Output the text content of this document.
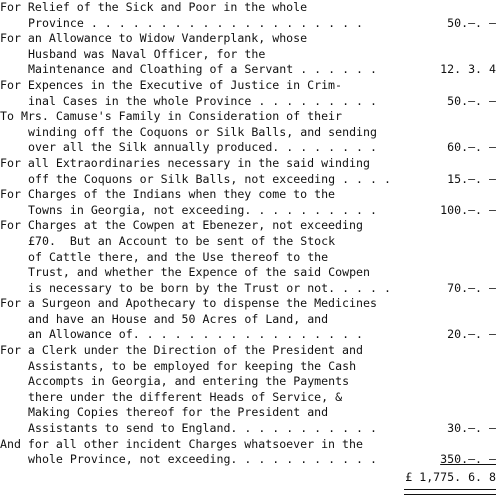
For Relief of the Sick and Poor in the whole
Province . . . . . . . . . . . . . . . . . . . .	50.–. –
For an Allowance to Widow Vanderplank, whose
Husband was Naval Officer, for the
Maintenance and Cloathing of a Servant . . . . . .	12. 3. 4
For Expences in the Executive of Justice in Crim-
inal Cases in the whole Province . . . . . . . . .	50.–. –
To Mrs. Camuse's Family in Consideration of their
winding off the Coquons or Silk Balls, and sending
over all the Silk annually produced. . . . . . . .	60.–. –
For all Extraordinaries necessary in the said winding
off the Coquons or Silk Balls, not exceeding . . . .	15.–. –
For Charges of the Indians when they come to the
Towns in Georgia, not exceeding. . . . . . . . . .	100.–. –
For Charges at the Cowpen at Ebenezer, not exceeding
£70.  But an Account to be sent of the Stock
of Cattle there, and the Use thereof to the
Trust, and whether the Expence of the said Cowpen
is necessary to be born by the Trust or not. . . . .	70.–. –
For a Surgeon and Apothecary to dispense the Medicines
and have an House and 50 Acres of Land, and
an Allowance of. . . . . . . . . . . . . . . . .	20.–. –
For a Clerk under the Direction of the President and
Assistants, to be employed for keeping the Cash
Accompts in Georgia, and entering the Payments
there under the different Heads of Service, &
Making Copies thereof for the President and
Assistants to send to England. . . . . . . . . . .	30.–. –
And for all other incident Charges whatsoever in the
whole Province, not exceeding. . . . . . . . . . .	350.–. –
£ 1,775. 6. 8
